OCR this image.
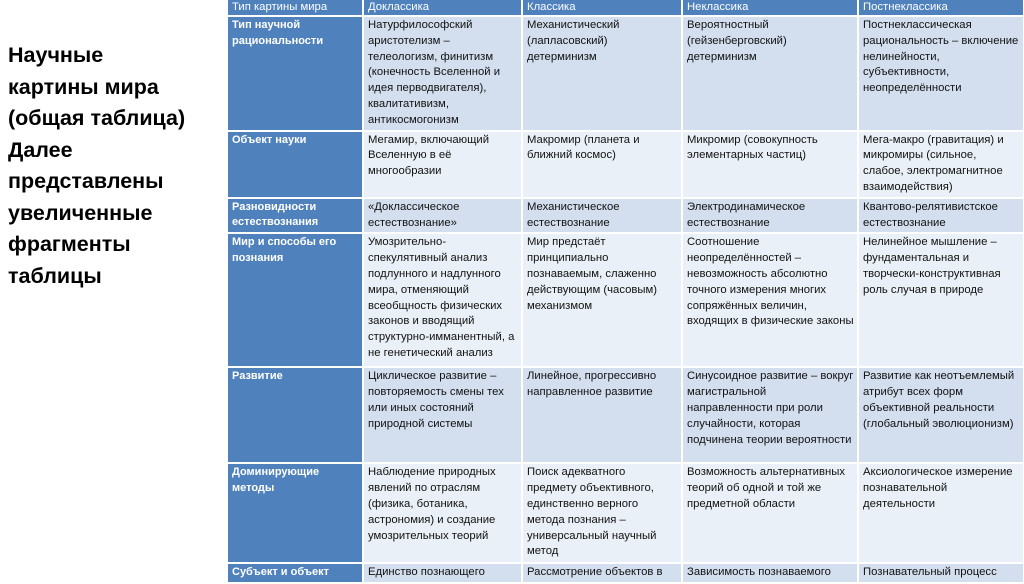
Научные
картины мира
(общая таблица)
Далее
представлены
увеличенные
фрагменты
таблицы
Тип картины мира	Доклассика	Классика	Неклассика	Постнеклассика
Тип научной рациональности	Натурфилософский аристотелизм – телеологизм, финитизм (конечность Вселенной и идея перводвигателя), квалитативизм, антикосмогонизм	Механистический (лапласовский) детерминизм	Вероятностный (гейзенберговский) детерминизм	Постнеклассическая рациональность – включение нелинейности, субъективности, неопределённости
Объект науки	Мегамир, включающий Вселенную в её многообразии	Макромир (планета и ближний космос)	Микромир (совокупность элементарных частиц)	Мега-макро (гравитация) и микромиры (сильное, слабое, электромагнитное взаимодействия)
Разновидности естествознания	«Доклассическое естествознание»	Механистическое естествознание	Электродинамическое естествознание	Квантово-релятивистское естествознание
Мир и способы его познания	Умозрительно-спекулятивный анализ подлунного и надлунного мира, отменяющий всеобщность физических законов и вводящий структурно-имманентный, а не генетический анализ	Мир предстаёт принципиально познаваемым, слаженно действующим (часовым) механизмом	Соотношение неопределённостей – невозможность абсолютно точного измерения многих сопряжённых величин, входящих в физические законы	Нелинейное мышление – фундаментальная и творчески-конструктивная роль случая в природе
Развитие	Циклическое развитие – повторяемость смены тех или иных состояний природной системы	Линейное, прогрессивно направленное развитие	Синусоидное развитие – вокруг магистральной направленности при роли случайности, которая подчинена теории вероятности	Развитие как неотъемлемый атрибут всех форм объективной реальности (глобальный эволюционизм)
Доминирующие методы	Наблюдение природных явлений по отраслям (физика, ботаника, астрономия) и создание умозрительных теорий	Поиск адекватного предмету объективного, единственно верного метода познания – универсальный научный метод	Возможность альтернативных теорий об одной и той же предметной области	Аксиологическое измерение познавательной деятельности
Субъект и объект	Единство познающего	Рассмотрение объектов в	Зависимость познаваемого	Познавательный процесс
